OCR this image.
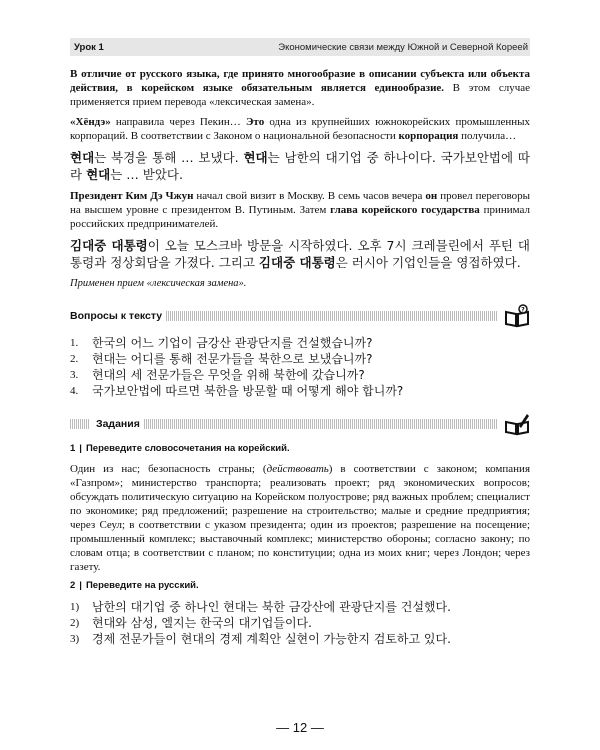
Урок 1	Экономические связи между Южной и Северной Кореей

В отличие от русского языка, где принято многообразие в описании субъекта или объекта действия, в корейском языке обязательным является единообразие. В этом случае применяется прием перевода «лексическая замена».

«Хёндэ» направила через Пекин… Это одна из крупнейших южнокорейских промышленных корпораций. В соответствии с Законом о национальной безопасности корпорация получила…

현대는 북경을 통해 … 보냈다. 현대는 남한의 대기업 중 하나이다. 국가보안법에 따라 현대는 … 받았다.

Президент Ким Дэ Чжун начал свой визит в Москву. В семь часов вечера он провел переговоры на высшем уровне с президентом В. Путиным. Затем глава корейского государства принимал российских предпринимателей.

김대중 대통령이 오늘 모스크바 방문을 시작하였다. 오후 7시 크레믈린에서 푸틴 대통령과 정상회담을 가졌다. 그리고 김대중 대통령은 러시아 기업인들을 영접하였다.

Применен прием «лексическая замена».

Вопросы к тексту	?
1.	한국의 어느 기업이 금강산 관광단지를 건설했습니까?
2.	현대는 어디를 통해 전문가들을 북한으로 보냈습니까?
3.	현대의 세 전문가들은 무엇을 위해 북한에 갔습니까?
4.	국가보안법에 따르면 북한을 방문할 때 어떻게 해야 합니까?
Задания
1 | Переведите словосочетания на корейский.

Один из нас; безопасность страны; (действовать) в соответствии с законом; компания «Газпром»; министерство транспорта; реализовать проект; ряд экономических вопросов; обсуждать политическую ситуацию на Корейском полуострове; ряд важных проблем; специалист по экономике; ряд предложений; разрешение на строительство; малые и средние предприятия; через Сеул; в соответствии с указом президента; один из проектов; разрешение на посещение; промышленный комплекс; выставочный комплекс; министерство обороны; согласно закону; по словам отца; в соответствии с планом; по конституции; одна из моих книг; через Лондон; через газету.

2 | Переведите на русский.
1)	남한의 대기업 중 하나인 현대는 북한 금강산에 관광단지를 건설했다.
2)	현대와 삼성, 엘지는 한국의 대기업들이다.
3)	경제 전문가들이 현대의 경제 계획안 실현이 가능한지 검토하고 있다.
— 12 —
